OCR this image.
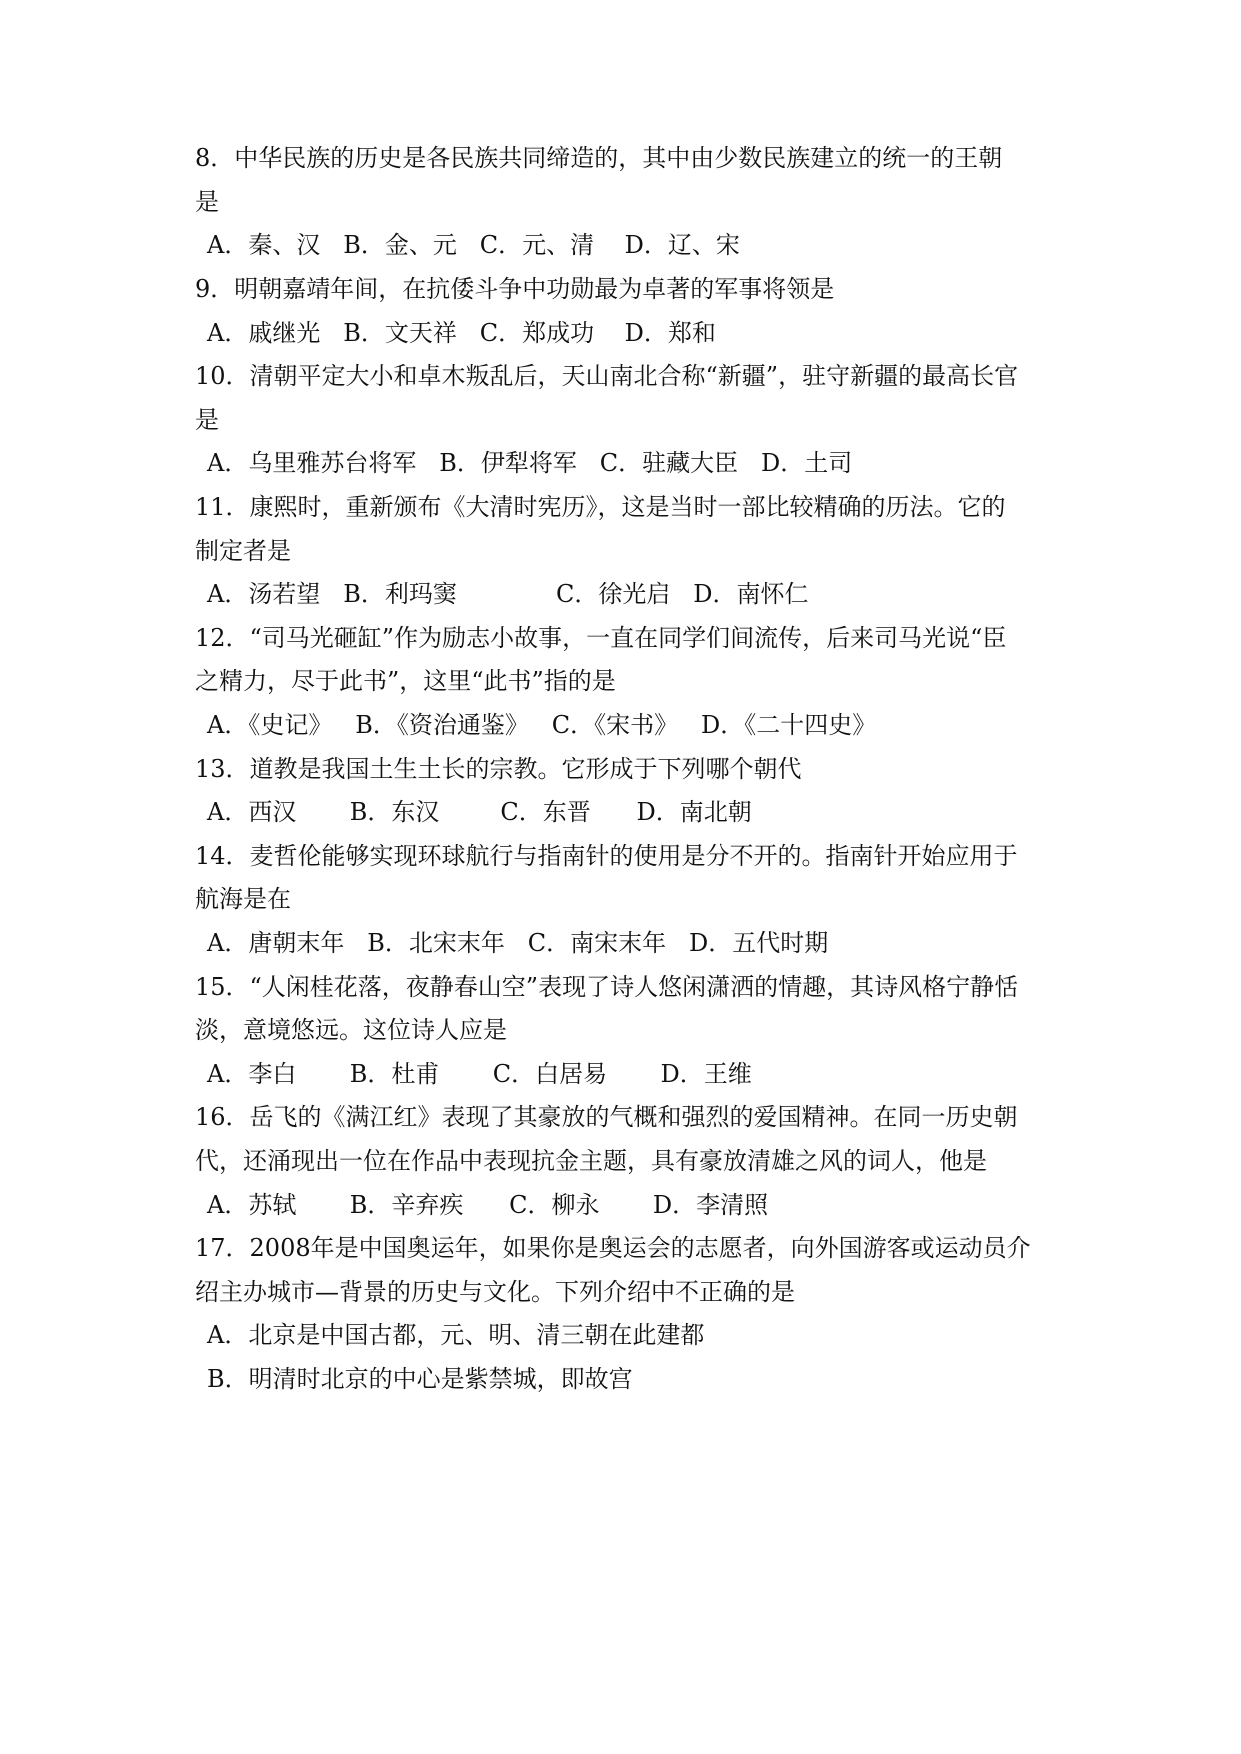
8．中华民族的历史是各民族共同缔造的，其中由少数民族建立的统一的王朝
是
A．秦、汉   B．金、元   C．元、清    D．辽、宋
9．明朝嘉靖年间，在抗倭斗争中功勋最为卓著的军事将领是
A．戚继光   B．文天祥   C．郑成功    D．郑和
10．清朝平定大小和卓木叛乱后，天山南北合称“新疆”，驻守新疆的最高长官
是
A．乌里雅苏台将军   B．伊犁将军   C．驻藏大臣   D．土司
11．康熙时，重新颁布《大清时宪历》，这是当时一部比较精确的历法。它的
制定者是
A．汤若望   B．利玛窦             C．徐光启   D．南怀仁
12．“司马光砸缸”作为励志小故事，一直在同学们间流传，后来司马光说“臣
之精力，尽于此书”，这里“此书”指的是
A．《史记》   B．《资治通鉴》   C．《宋书》   D．《二十四史》
13．道教是我国土生土长的宗教。它形成于下列哪个朝代
A．西汉       B．东汉        C．东晋      D．南北朝
14．麦哲伦能够实现环球航行与指南针的使用是分不开的。指南针开始应用于
航海是在
A．唐朝末年   B．北宋末年   C．南宋末年   D．五代时期
15．“人闲桂花落，夜静春山空”表现了诗人悠闲潇洒的情趣，其诗风格宁静恬
淡，意境悠远。这位诗人应是
A．李白       B．杜甫       C．白居易       D．王维
16．岳飞的《满江红》表现了其豪放的气概和强烈的爱国精神。在同一历史朝
代，还涌现出一位在作品中表现抗金主题，具有豪放清雄之风的词人，他是
A．苏轼       B．辛弃疾      C．柳永       D．李清照
17．2008年是中国奥运年，如果你是奥运会的志愿者，向外国游客或运动员介
绍主办城市—背景的历史与文化。下列介绍中不正确的是
A．北京是中国古都，元、明、清三朝在此建都
B．明清时北京的中心是紫禁城，即故宫
